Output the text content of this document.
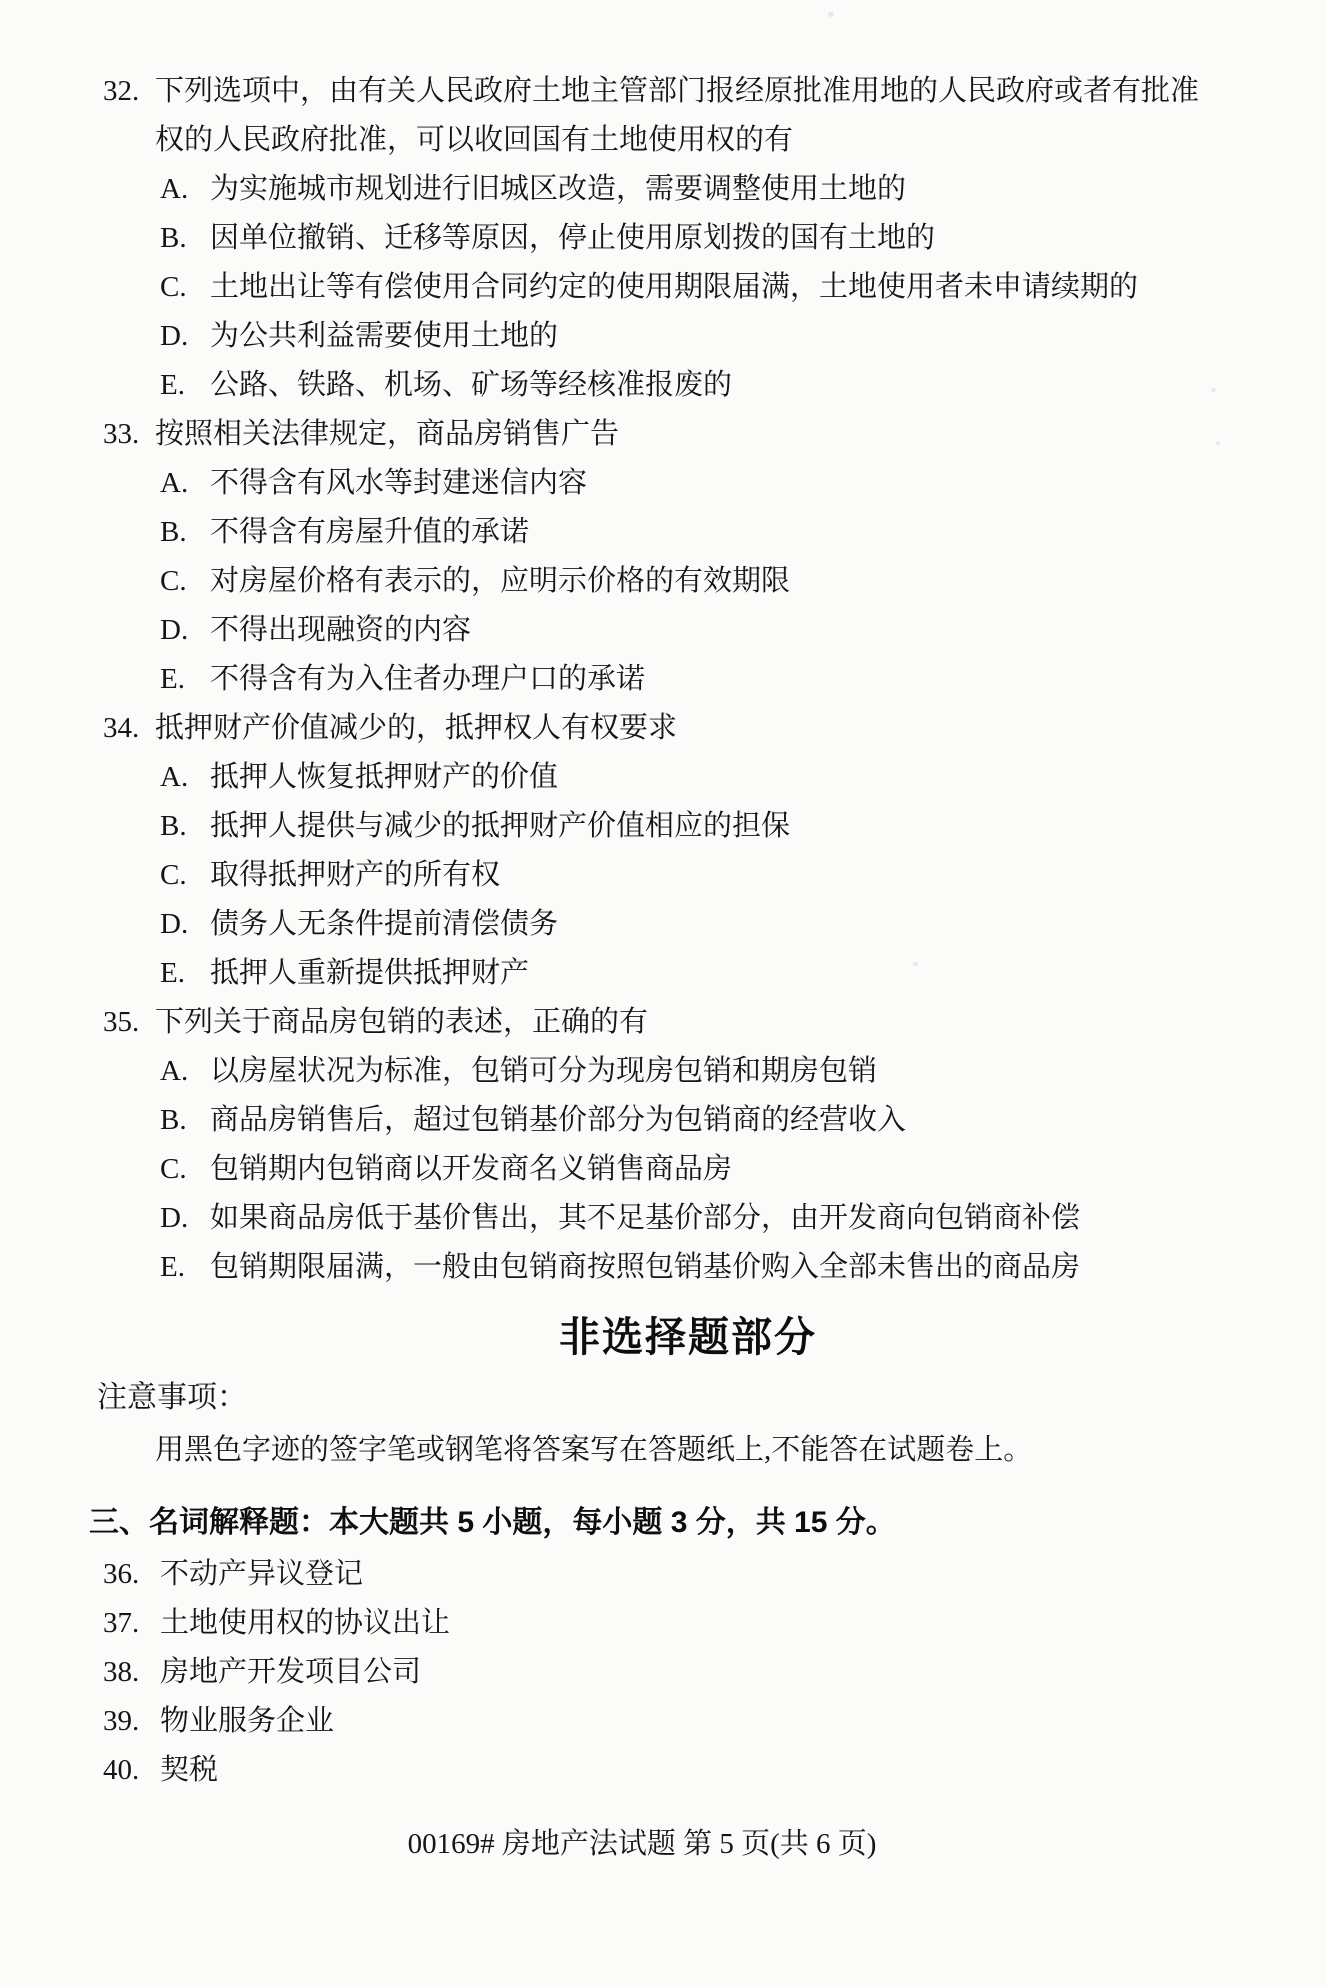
32. 下列选项中，由有关人民政府土地主管部门报经原批准用地的人民政府或者有批准权的人民政府批准，可以收回国有土地使用权的有
A. 为实施城市规划进行旧城区改造，需要调整使用土地的
B. 因单位撤销、迁移等原因，停止使用原划拨的国有土地的
C. 土地出让等有偿使用合同约定的使用期限届满，土地使用者未申请续期的
D. 为公共利益需要使用土地的
E. 公路、铁路、机场、矿场等经核准报废的
33. 按照相关法律规定，商品房销售广告
A. 不得含有风水等封建迷信内容
B. 不得含有房屋升值的承诺
C. 对房屋价格有表示的，应明示价格的有效期限
D. 不得出现融资的内容
E. 不得含有为入住者办理户口的承诺
34. 抵押财产价值减少的，抵押权人有权要求
A. 抵押人恢复抵押财产的价值
B. 抵押人提供与减少的抵押财产价值相应的担保
C. 取得抵押财产的所有权
D. 债务人无条件提前清偿债务
E. 抵押人重新提供抵押财产
35. 下列关于商品房包销的表述，正确的有
A. 以房屋状况为标准，包销可分为现房包销和期房包销
B. 商品房销售后，超过包销基价部分为包销商的经营收入
C. 包销期内包销商以开发商名义销售商品房
D. 如果商品房低于基价售出，其不足基价部分，由开发商向包销商补偿
E. 包销期限届满，一般由包销商按照包销基价购入全部未售出的商品房
非选择题部分
注意事项：
用黑色字迹的签字笔或钢笔将答案写在答题纸上,不能答在试题卷上。
三、名词解释题：本大题共 5 小题，每小题 3 分，共 15 分。
36. 不动产异议登记
37. 土地使用权的协议出让
38. 房地产开发项目公司
39. 物业服务企业
40. 契税
00169# 房地产法试题 第 5 页(共 6 页)
